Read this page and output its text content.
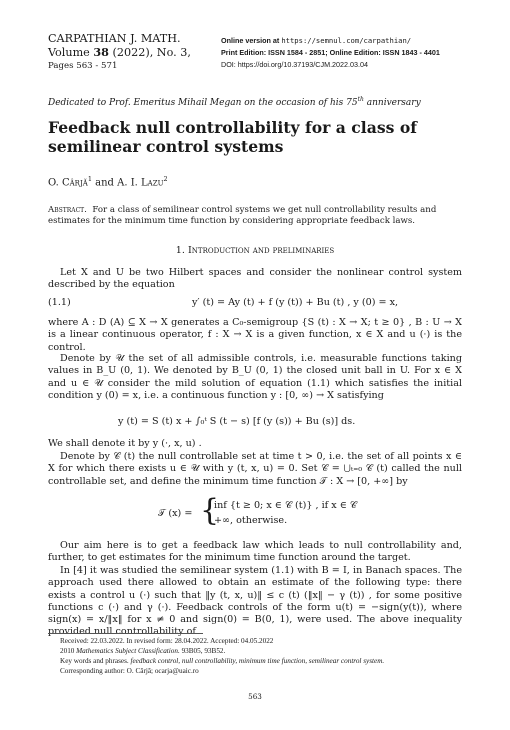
CARPATHIAN J. MATH.
Volume 38 (2022), No. 3,
Pages 563 - 571
Online version at https://semnul.com/carpathian/
Print Edition: ISSN 1584 - 2851; Online Edition: ISSN 1843 - 4401
DOI: https://doi.org/10.37193/CJM.2022.03.04
Dedicated to Prof. Emeritus Mihail Megan on the occasion of his 75th anniversary
Feedback null controllability for a class of semilinear control systems
O. Cârjă$^1$ and A. I. Lazu$^2$
Abstract. For a class of semilinear control systems we get null controllability results and estimates for the minimum time function by considering appropriate feedback laws.
1. Introduction and preliminaries
Let X and U be two Hilbert spaces and consider the nonlinear control system described by the equation
(1.1)	y′ (t) = Ay (t) + f (y (t)) + Bu (t) , y (0) = x,
where A : D (A) ⊆ X → X generates a C₀-semigroup {S (t) : X → X; t ≥ 0} , B : U → X is a linear continuous operator, f : X → X is a given function, x ∈ X and u (·) is the control.
Denote by 𝒰 the set of all admissible controls, i.e. measurable functions taking values in B_U (0, 1). We denoted by B_U (0, 1) the closed unit ball in U. For x ∈ X and u ∈ 𝒰 consider the mild solution of equation (1.1) which satisfies the initial condition y (0) = x, i.e. a continuous function y : [0, ∞) → X satisfying
y (t) = S (t) x + ∫₀ᵗ S (t − s) [f (y (s)) + Bu (s)] ds.
We shall denote it by y (·, x, u) .
Denote by 𝒞 (t) the null controllable set at time t > 0, i.e. the set of all points x ∈ X for which there exists u ∈ 𝒰 with y (t, x, u) = 0. Set 𝒞 = ⋃ₜ₌₀ 𝒞 (t) called the null controllable set, and define the minimum time function 𝒯 : X → [0, +∞] by
𝒯 (x) = {
inf {t ≥ 0; x ∈ 𝒞 (t)} , if x ∈ 𝒞
+∞, otherwise.
Our aim here is to get a feedback law which leads to null controllability and, further, to get estimates for the minimum time function around the target.
In [4] it was studied the semilinear system (1.1) with B = I, in Banach spaces. The approach used there allowed to obtain an estimate of the following type: there exists a control u (·) such that ‖y (t, x, u)‖ ≤ c (t) (‖x‖ − γ (t)) , for some positive functions c (·) and γ (·). Feedback controls of the form u(t) = −sign(y(t)), where sign(x) = x/‖x‖ for x ≠ 0 and sign(0) = B(0, 1), were used. The above inequality provided null controllability of
Received: 22.03.2022. In revised form: 28.04.2022. Accepted: 04.05.2022
2010 Mathematics Subject Classification. 93B05, 93B52.
Key words and phrases. feedback control, null controllability, minimum time function, semilinear control system.
Corresponding author: O. Cârjă; ocarja@uaic.ro
563
